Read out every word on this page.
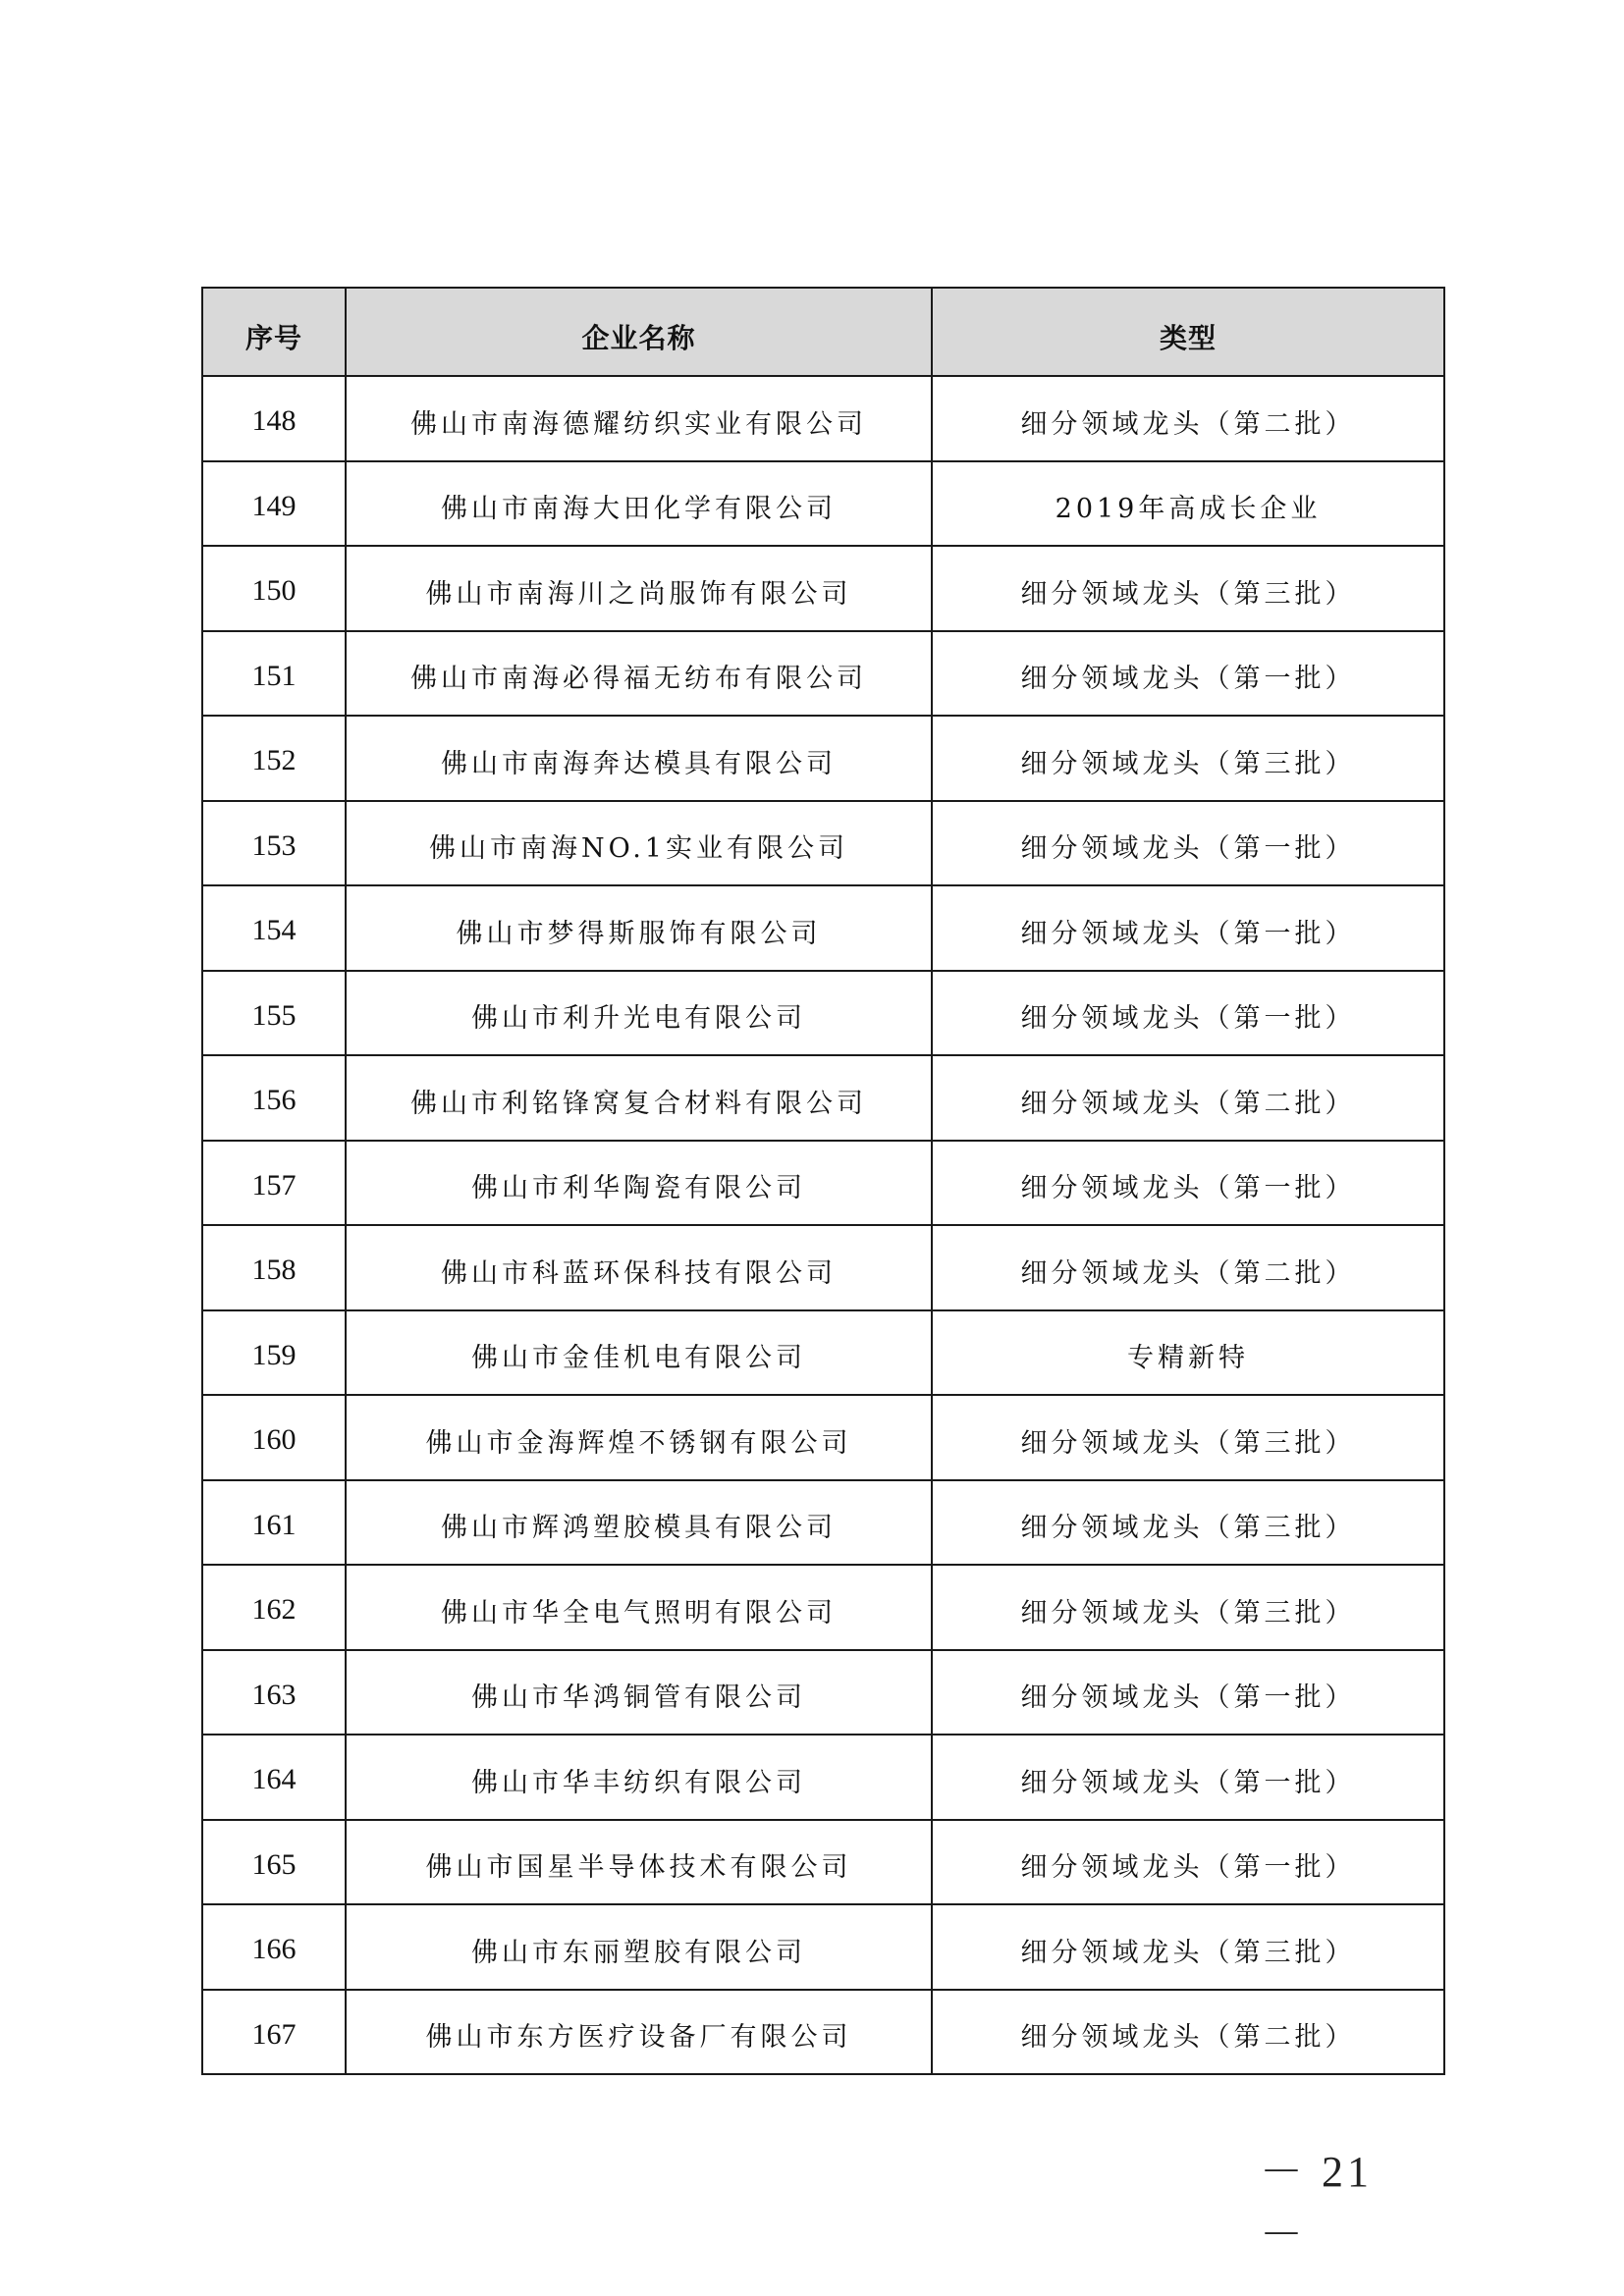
序号	企业名称	类型
148	佛山市南海德耀纺织实业有限公司	细分领域龙头（第二批）
149	佛山市南海大田化学有限公司	2019年高成长企业
150	佛山市南海川之尚服饰有限公司	细分领域龙头（第三批）
151	佛山市南海必得福无纺布有限公司	细分领域龙头（第一批）
152	佛山市南海奔达模具有限公司	细分领域龙头（第三批）
153	佛山市南海NO.1实业有限公司	细分领域龙头（第一批）
154	佛山市梦得斯服饰有限公司	细分领域龙头（第一批）
155	佛山市利升光电有限公司	细分领域龙头（第一批）
156	佛山市利铭锋窝复合材料有限公司	细分领域龙头（第二批）
157	佛山市利华陶瓷有限公司	细分领域龙头（第一批）
158	佛山市科蓝环保科技有限公司	细分领域龙头（第二批）
159	佛山市金佳机电有限公司	专精新特
160	佛山市金海辉煌不锈钢有限公司	细分领域龙头（第三批）
161	佛山市辉鸿塑胶模具有限公司	细分领域龙头（第三批）
162	佛山市华全电气照明有限公司	细分领域龙头（第三批）
163	佛山市华鸿铜管有限公司	细分领域龙头（第一批）
164	佛山市华丰纺织有限公司	细分领域龙头（第一批）
165	佛山市国星半导体技术有限公司	细分领域龙头（第一批）
166	佛山市东丽塑胶有限公司	细分领域龙头（第三批）
167	佛山市东方医疗设备厂有限公司	细分领域龙头（第二批）
－ 21 －
